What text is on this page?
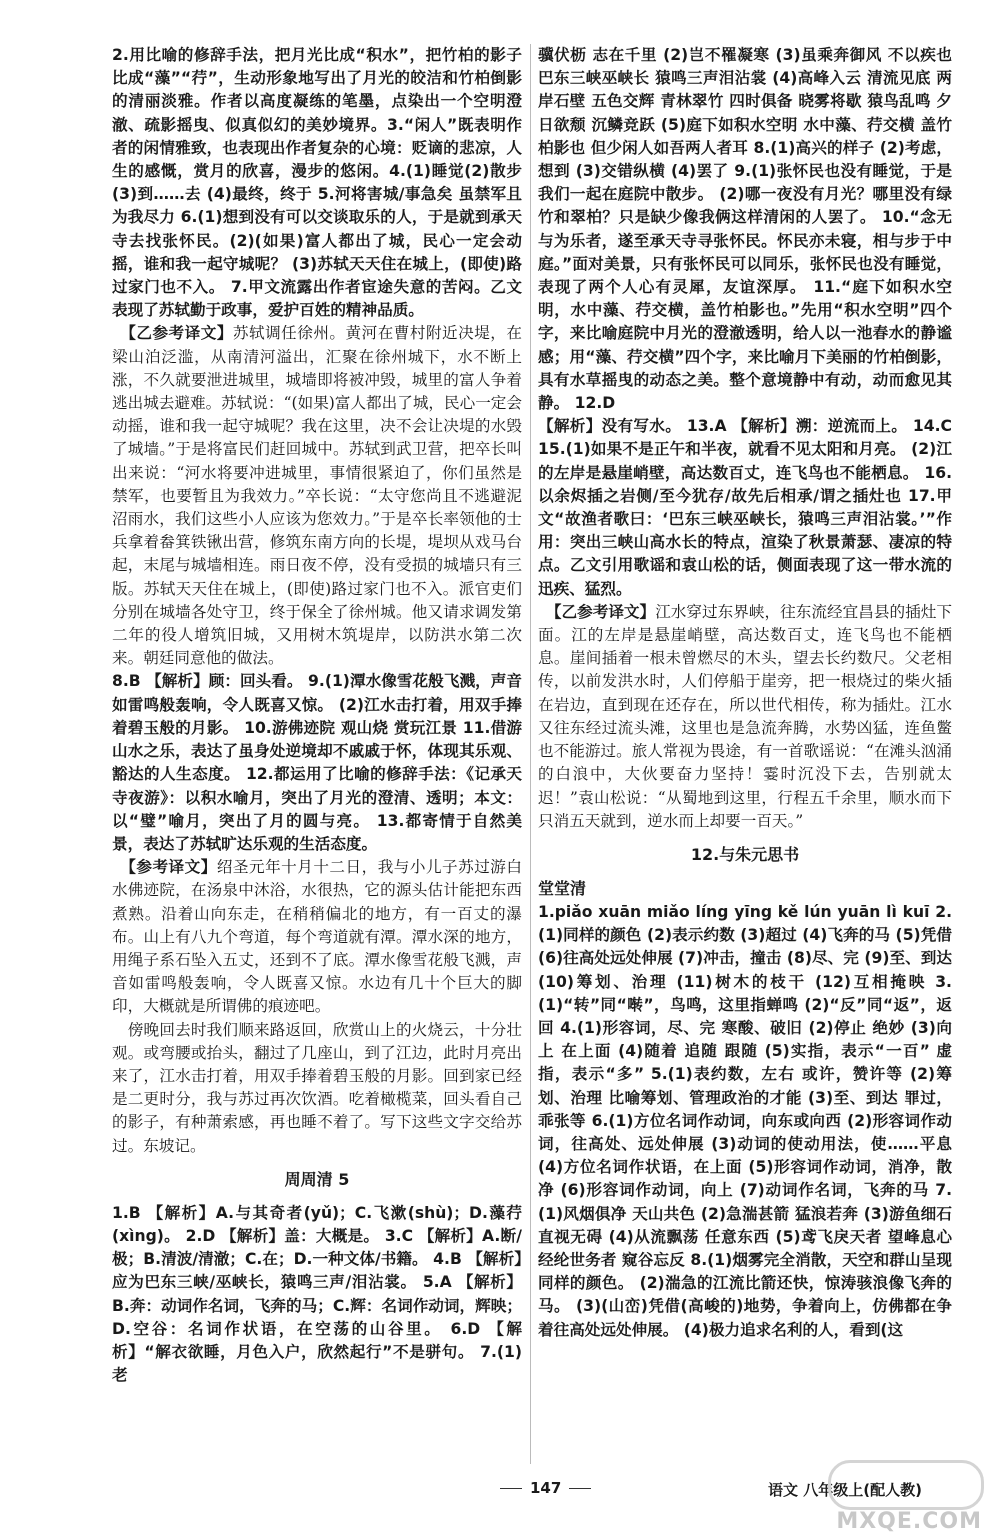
2.用比喻的修辞手法，把月光比成“积水”，把竹柏的影子比成“藻”“荇”，生动形象地写出了月光的皎洁和竹柏倒影的清丽淡雅。作者以高度凝练的笔墨，点染出一个空明澄澈、疏影摇曳、似真似幻的美妙境界。3.“闲人”既表明作者的闲情雅致，也表现出作者复杂的心境：贬谪的悲凉，人生的感慨，赏月的欣喜，漫步的悠闲。4.(1)睡觉(2)散步 (3)到……去 (4)最终，终于 5.河将害城/事急矣 虽禁军且为我尽力 6.(1)想到没有可以交谈取乐的人，于是就到承天寺去找张怀民。(2)(如果)富人都出了城，民心一定会动摇，谁和我一起守城呢？ (3)苏轼天天住在城上，(即使)路过家门也不入。 7.甲文流露出作者宦途失意的苦闷。乙文表现了苏轼勤于政事，爱护百姓的精神品质。

　【乙参考译文】苏轼调任徐州。黄河在曹村附近决堤，在梁山泊泛滥，从南清河溢出，汇聚在徐州城下，水不断上涨，不久就要泄进城里，城墙即将被冲毁，城里的富人争着逃出城去避难。苏轼说：“(如果)富人都出了城，民心一定会动摇，谁和我一起守城呢？我在这里，决不会让决堤的水毁了城墙。”于是将富民们赶回城中。苏轼到武卫营，把卒长叫出来说：“河水将要冲进城里，事情很紧迫了，你们虽然是禁军，也要暂且为我效力。”卒长说：“太守您尚且不逃避泥沼雨水，我们这些小人应该为您效力。”于是卒长率领他的士兵拿着畚箕铁锹出营，修筑东南方向的长堤，堤坝从戏马台起，末尾与城墙相连。雨日夜不停，没有受损的城墙只有三版。苏轼天天住在城上，(即使)路过家门也不入。派官吏们分别在城墙各处守卫，终于保全了徐州城。他又请求调发第二年的役人增筑旧城，又用树木筑堤岸，以防洪水第二次来。朝廷同意他的做法。

8.B 【解析】顾：回头看。 9.(1)潭水像雪花般飞溅，声音如雷鸣般轰响，令人既喜又惊。 (2)江水击打着，用双手捧着碧玉般的月影。 10.游佛迹院 观山烧 赏玩江景 11.借游山水之乐，表达了虽身处逆境却不戚戚于怀，体现其乐观、豁达的人生态度。 12.都运用了比喻的修辞手法：《记承天寺夜游》：以积水喻月，突出了月光的澄清、透明；本文：以“璧”喻月，突出了月的圆与亮。 13.都寄情于自然美景，表达了苏轼旷达乐观的生活态度。

　【参考译文】绍圣元年十月十二日，我与小儿子苏过游白水佛迹院，在汤泉中沐浴，水很热，它的源头估计能把东西煮熟。沿着山向东走，在稍稍偏北的地方，有一百丈的瀑布。山上有八九个弯道，每个弯道就有潭。潭水深的地方，用绳子系石坠入五丈，还到不了底。潭水像雪花般飞溅，声音如雷鸣般轰响，令人既喜又惊。水边有几十个巨大的脚印，大概就是所谓佛的痕迹吧。

　傍晚回去时我们顺来路返回，欣赏山上的火烧云，十分壮观。或弯腰或抬头，翻过了几座山，到了江边，此时月亮出来了，江水击打着，用双手捧着碧玉般的月影。回到家已经是二更时分，我与苏过再次饮酒。吃着橄榄菜，回头看自己的影子，有种萧索感，再也睡不着了。写下这些文字交给苏过。东坡记。

周周清 5

1.B 【解析】A.与其奇者(yǔ)；C.飞漱(shù)；D.藻荇(xìng)。 2.D 【解析】盖：大概是。 3.C 【解析】A.断/极；B.清波/清澈；C.在；D.一种文体/书籍。 4.B 【解析】应为巴东三峡/巫峡长，猿鸣三声/泪沾裳。 5.A 【解析】B.奔：动词作名词，飞奔的马；C.辉：名词作动词，辉映；D.空谷：名词作状语，在空荡的山谷里。 6.D 【解析】“解衣欲睡，月色入户，欣然起行”不是骈句。 7.(1)老

骥伏枥 志在千里 (2)岂不罹凝寒 (3)虽乘奔御风 不以疾也 巴东三峡巫峡长 猿鸣三声泪沾裳 (4)高峰入云 清流见底 两岸石壁 五色交辉 青林翠竹 四时俱备 晓雾将歇 猿鸟乱鸣 夕日欲颓 沉鳞竞跃 (5)庭下如积水空明 水中藻、荇交横 盖竹柏影也 但少闲人如吾两人者耳 8.(1)高兴的样子 (2)考虑，想到 (3)交错纵横 (4)罢了 9.(1)张怀民也没有睡觉，于是我们一起在庭院中散步。 (2)哪一夜没有月光？哪里没有绿竹和翠柏？只是缺少像我俩这样清闲的人罢了。 10.“念无与为乐者，遂至承天寺寻张怀民。怀民亦未寝，相与步于中庭。”面对美景，只有张怀民可以同乐，张怀民也没有睡觉，表现了两个人心有灵犀，友谊深厚。 11.“庭下如积水空明，水中藻、荇交横，盖竹柏影也。”先用“积水空明”四个字，来比喻庭院中月光的澄澈透明，给人以一池春水的静谧感；用“藻、荇交横”四个字，来比喻月下美丽的竹柏倒影，具有水草摇曳的动态之美。整个意境静中有动，动而愈见其静。 12.D

【解析】没有写水。 13.A 【解析】溯：逆流而上。 14.C 15.(1)如果不是正午和半夜，就看不见太阳和月亮。 (2)江的左岸是悬崖峭壁，高达数百丈，连飞鸟也不能栖息。 16.以余烬插之岩侧/至今犹存/故先后相承/谓之插灶也 17.甲文“故渔者歌曰：‘巴东三峡巫峡长，猿鸣三声泪沾裳。’”作用：突出三峡山高水长的特点，渲染了秋景萧瑟、凄凉的特点。乙文引用歌谣和袁山松的话，侧面表现了这一带水流的迅疾、猛烈。

　【乙参考译文】江水穿过东界峡，往东流经宜昌县的插灶下面。江的左岸是悬崖峭壁，高达数百丈，连飞鸟也不能栖息。崖间插着一根未曾燃尽的木头，望去长约数尺。父老相传，以前发洪水时，人们停船于崖旁，把一根烧过的柴火插在岩边，直到现在还存在，所以世代相传，称为插灶。江水又往东经过流头滩，这里也是急流奔腾，水势凶猛，连鱼鳖也不能游过。旅人常视为畏途，有一首歌谣说：“在滩头汹涌的白浪中，大伙要奋力坚持！霎时沉没下去，告别就太迟！”袁山松说：“从蜀地到这里，行程五千余里，顺水而下只消五天就到，逆水而上却要一百天。”

12.与朱元思书
堂堂清

1.piǎo xuān miǎo líng yīng kě lún yuān lì kuī 2.(1)同样的颜色 (2)表示约数 (3)超过 (4)飞奔的马 (5)凭借 (6)往高处远处伸展 (7)冲击，撞击 (8)尽、完 (9)至、到达 (10)筹划、治理 (11)树木的枝干 (12)互相掩映 3.(1)“转”同“啭”，鸟鸣，这里指蝉鸣 (2)“反”同“返”，返回 4.(1)形容词，尽、完 寒酸、破旧 (2)停止 绝妙 (3)向上 在上面 (4)随着 追随 跟随 (5)实指，表示“一百” 虚指，表示“多” 5.(1)表约数，左右 或许，赞许等 (2)筹划、治理 比喻筹划、管理政治的才能 (3)至、到达 罪过，乖张等 6.(1)方位名词作动词，向东或向西 (2)形容词作动词，往高处、远处伸展 (3)动词的使动用法，使……平息 (4)方位名词作状语，在上面 (5)形容词作动词，消净，散净 (6)形容词作动词，向上 (7)动词作名词，飞奔的马 7.(1)风烟俱净 天山共色 (2)急湍甚箭 猛浪若奔 (3)游鱼细石 直视无碍 (4)从流飘荡 任意东西 (5)鸢飞戾天者 望峰息心 经纶世务者 窥谷忘反 8.(1)烟雾完全消散，天空和群山呈现同样的颜色。 (2)湍急的江流比箭还快，惊涛骇浪像飞奔的马。 (3)(山峦)凭借(高峻的)地势，争着向上，仿佛都在争着往高处远处伸展。 (4)极力追求名利的人，看到(这

147	语文 八年级上(配人教)
MXQE.COM
